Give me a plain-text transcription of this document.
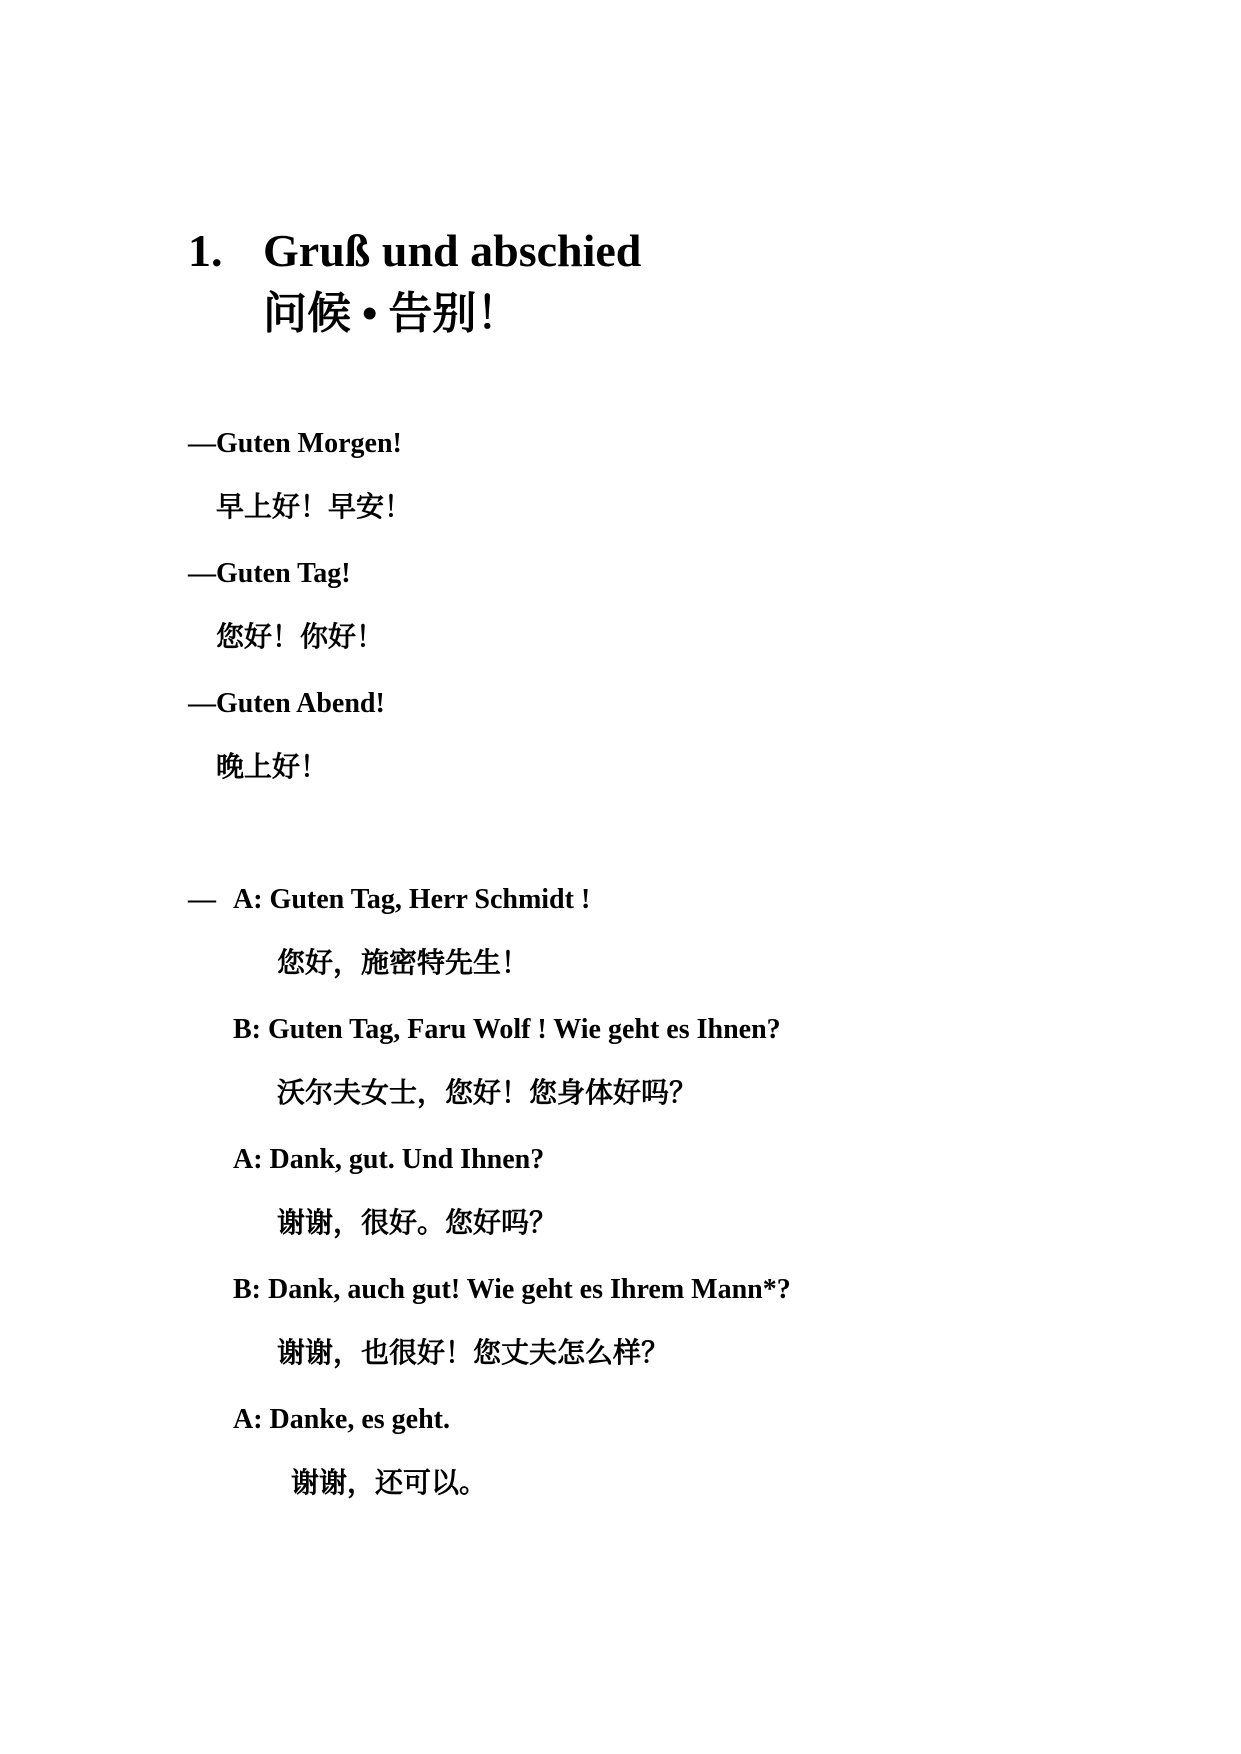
1. Gruß und abschied
问候 • 告别！
—Guten Morgen!
早上好！早安！
—Guten Tag!
您好！你好！
—Guten Abend!
晚上好！
— A: Guten Tag, Herr Schmidt !
您好，施密特先生！
B: Guten Tag, Faru Wolf ! Wie geht es Ihnen?
沃尔夫女士，您好！您身体好吗？
A: Dank, gut. Und Ihnen?
谢谢，很好。您好吗？
B: Dank, auch gut! Wie geht es Ihrem Mann*?
谢谢，也很好！您丈夫怎么样？
A: Danke, es geht.
谢谢，还可以。
